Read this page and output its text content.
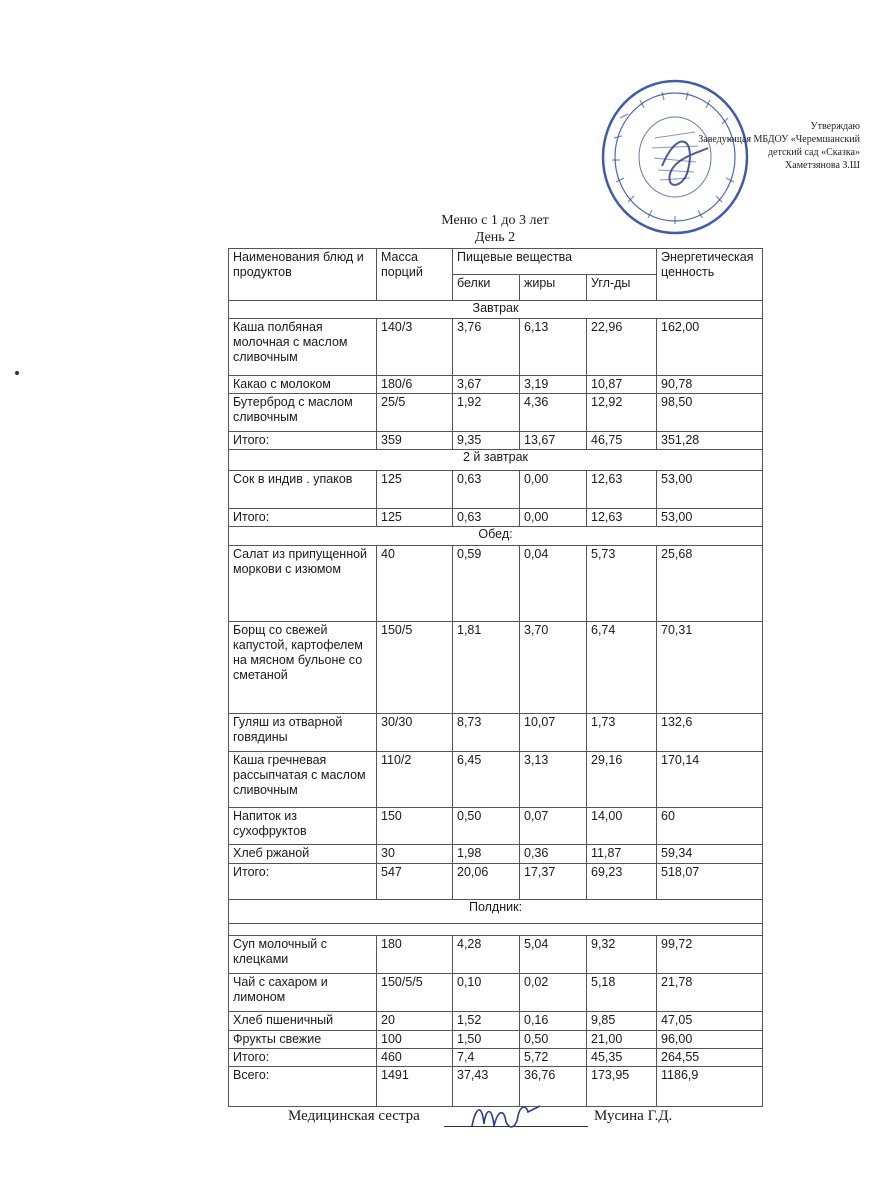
Утверждаю
Заведующая МБДОУ «Черемшанский
детский сад «Сказка»
Хаметзянова З.Ш
Меню с 1 до 3 лет
День 2
Наименования блюд и продуктов	Масса порций	Пищевые вещества			Энергетическая ценность
		белки	жиры	Угл-ды	
Завтрак					
Каша полбяная молочная с маслом сливочным	140/3	3,76	6,13	22,96	162,00
Какао с молоком	180/6	3,67	3,19	10,87	90,78
Бутерброд с маслом сливочным	25/5	1,92	4,36	12,92	98,50
Итого:	359	9,35	13,67	46,75	351,28
2 й завтрак					
Сок в индив . упаков	125	0,63	0,00	12,63	53,00
Итого:	125	0,63	0,00	12,63	53,00
Обед:					
Салат из припущенной моркови с изюмом	40	0,59	0,04	5,73	25,68
Борщ со свежей капустой, картофелем на мясном бульоне со сметаной	150/5	1,81	3,70	6,74	70,31
Гуляш из отварной говядины	30/30	8,73	10,07	1,73	132,6
Каша гречневая рассыпчатая с маслом сливочным	110/2	6,45	3,13	29,16	170,14
Напиток из сухофруктов	150	0,50	0,07	14,00	60
Хлеб ржаной	30	1,98	0,36	11,87	59,34
Итого:	547	20,06	17,37	69,23	518,07
Полдник:					

Суп молочный с клецками	180	4,28	5,04	9,32	99,72
Чай с сахаром и лимоном	150/5/5	0,10	0,02	5,18	21,78
Хлеб пшеничный	20	1,52	0,16	9,85	47,05
Фрукты свежие	100	1,50	0,50	21,00	96,00
Итого:	460	7,4	5,72	45,35	264,55
Всего:	1491	37,43	36,76	173,95	1186,9
Медицинская сестра	Мусина Г.Д.
